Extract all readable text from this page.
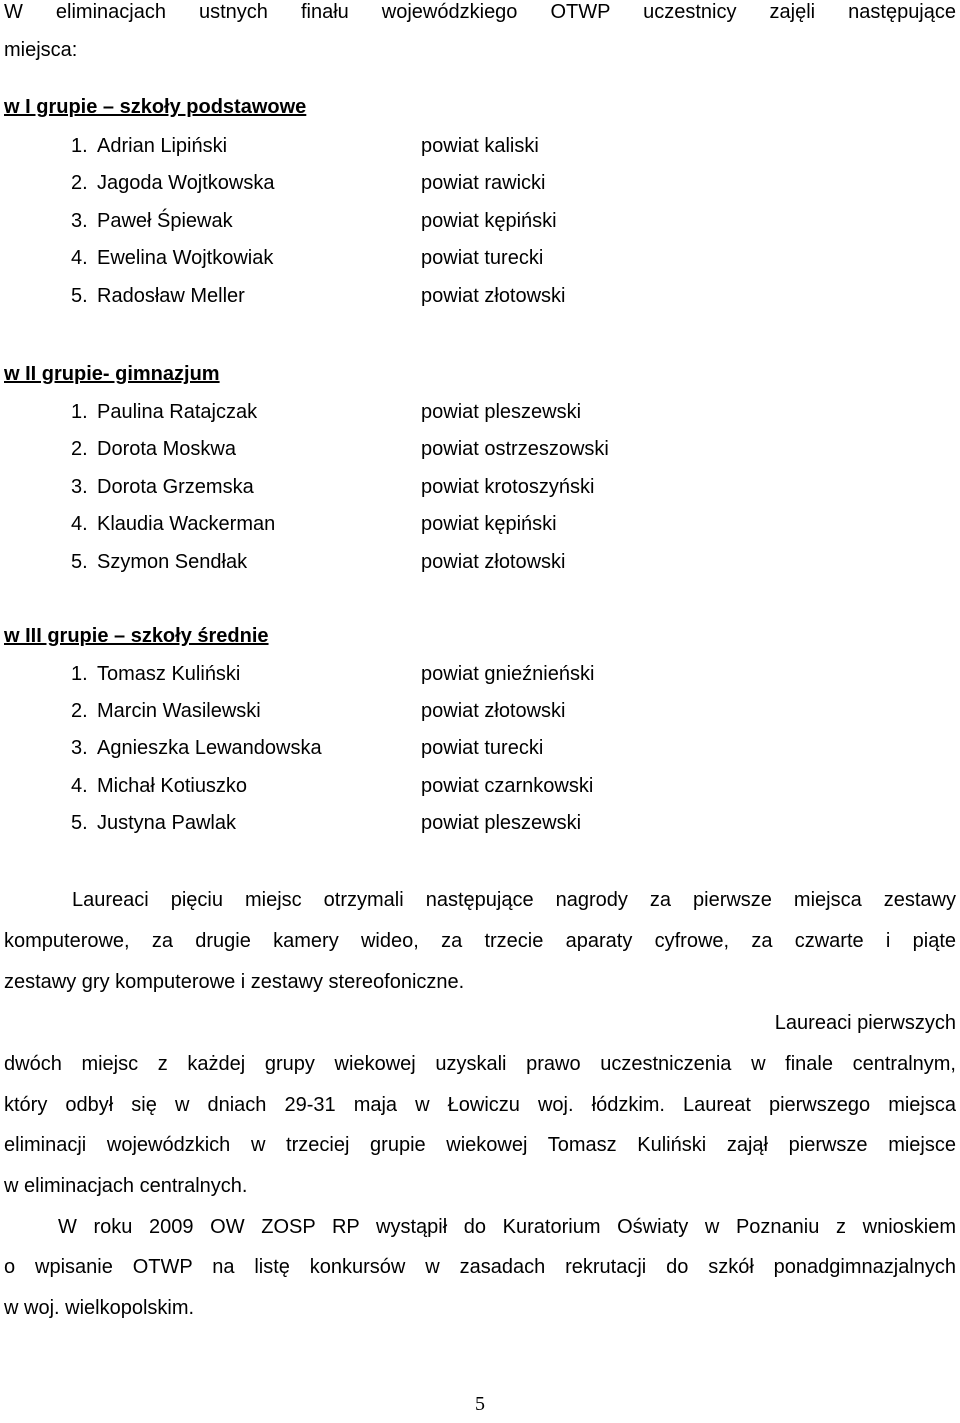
W eliminacjach ustnych finału wojewódzkiego OTWP uczestnicy zajęli następujące
miejsca:
w I grupie – szkoły podstawowe
1. Adrian Lipiński	powiat kaliski
2. Jagoda Wojtkowska	powiat rawicki
3. Paweł Śpiewak	powiat kępiński
4. Ewelina Wojtkowiak	powiat turecki
5. Radosław Meller	powiat złotowski
w II grupie- gimnazjum
1. Paulina Ratajczak	powiat pleszewski
2. Dorota Moskwa	powiat ostrzeszowski
3. Dorota Grzemska	powiat krotoszyński
4. Klaudia Wackerman	powiat kępiński
5. Szymon Sendłak	powiat złotowski
w III grupie – szkoły średnie
1. Tomasz Kuliński	powiat gnieźnieński
2. Marcin Wasilewski	powiat złotowski
3. Agnieszka Lewandowska	powiat turecki
4. Michał Kotiuszko	powiat czarnkowski
5. Justyna Pawlak	powiat pleszewski
Laureaci pięciu miejsc otrzymali następujące nagrody za pierwsze miejsca zestawy
komputerowe, za drugie kamery wideo, za trzecie aparaty cyfrowe, za czwarte i piąte
zestawy gry komputerowe i zestawy stereofoniczne.
Laureaci pierwszych
dwóch miejsc z każdej grupy wiekowej uzyskali prawo uczestniczenia w finale centralnym,
który odbył się w dniach 29-31 maja w Łowiczu woj. łódzkim. Laureat pierwszego miejsca
eliminacji wojewódzkich w trzeciej grupie wiekowej Tomasz Kuliński zajął pierwsze miejsce
w eliminacjach centralnych.
W roku 2009 OW ZOSP RP wystąpił do Kuratorium Oświaty w Poznaniu z wnioskiem
o wpisanie OTWP na listę konkursów w zasadach rekrutacji do szkół ponadgimnazjalnych
w woj. wielkopolskim.
5
